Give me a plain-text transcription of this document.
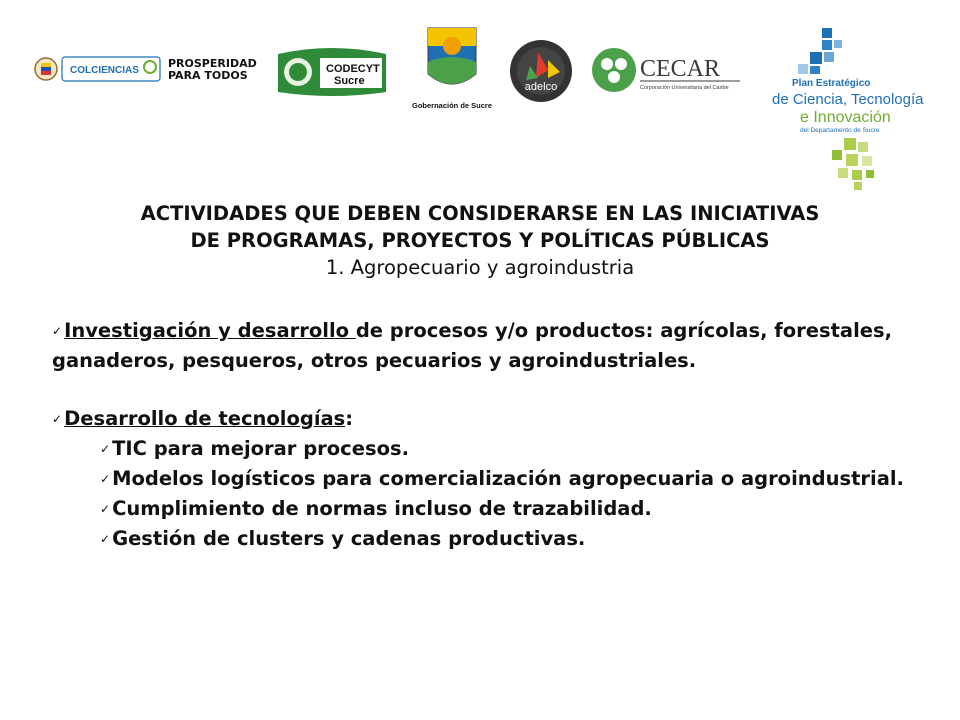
COLCIENCIAS
PROSPERIDAD
PARA TODOS	CODECYT
Sucre
Gobernación de Sucre
adelco
CECAR
Corporación Universitaria del Caribe	Plan Estratégico
de Ciencia, Tecnología
e Innovación
del Departamento de Sucre
ACTIVIDADES QUE DEBEN CONSIDERARSE EN LAS INICIATIVAS
DE PROGRAMAS, PROYECTOS Y POLÍTICAS PÚBLICAS
1. Agropecuario y agroindustria
✓ Investigación y desarrollo de procesos y/o productos: agrícolas, forestales, ganaderos, pesqueros, otros pecuarios y agroindustriales.
✓ Desarrollo de tecnologías:
✓ TIC para mejorar procesos.
✓ Modelos logísticos para comercialización agropecuaria o agroindustrial.
✓ Cumplimiento de normas incluso de trazabilidad.
✓ Gestión de clusters y cadenas productivas.
